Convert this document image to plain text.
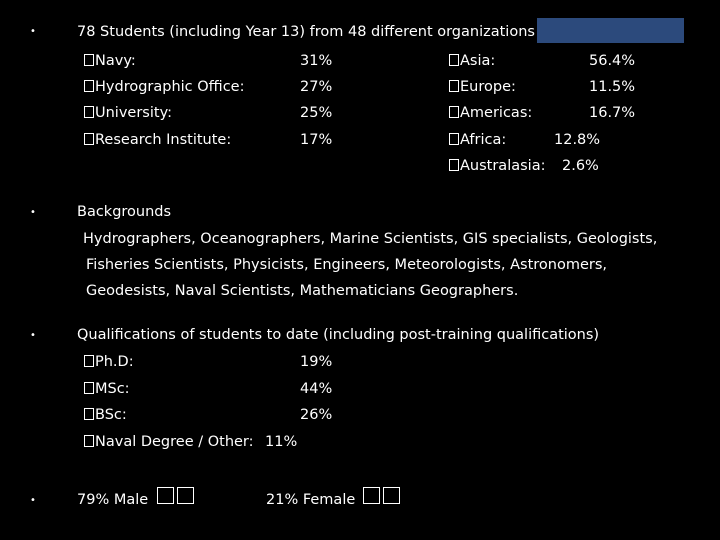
•	78 Students (including Year 13) from 48 different organizations
Navy:	31%
Hydrographic Office:	27%
University:	25%
Research Institute:	17%
Asia:	56.4%
Europe:	11.5%
Americas:	16.7%
Africa:	12.8%
Australasia: 2.6%
•	Backgrounds
Hydrographers, Oceanographers, Marine Scientists, GIS specialists, Geologists,
Fisheries Scientists, Physicists, Engineers, Meteorologists, Astronomers,
Geodesists, Naval Scientists, Mathematicians Geographers.
•	Qualifications of students to date (including post-training qualifications)
Ph.D:	19%
MSc:	44%
BSc:	26%
Naval Degree / Other: 11%
•	79% Male	21% Female
